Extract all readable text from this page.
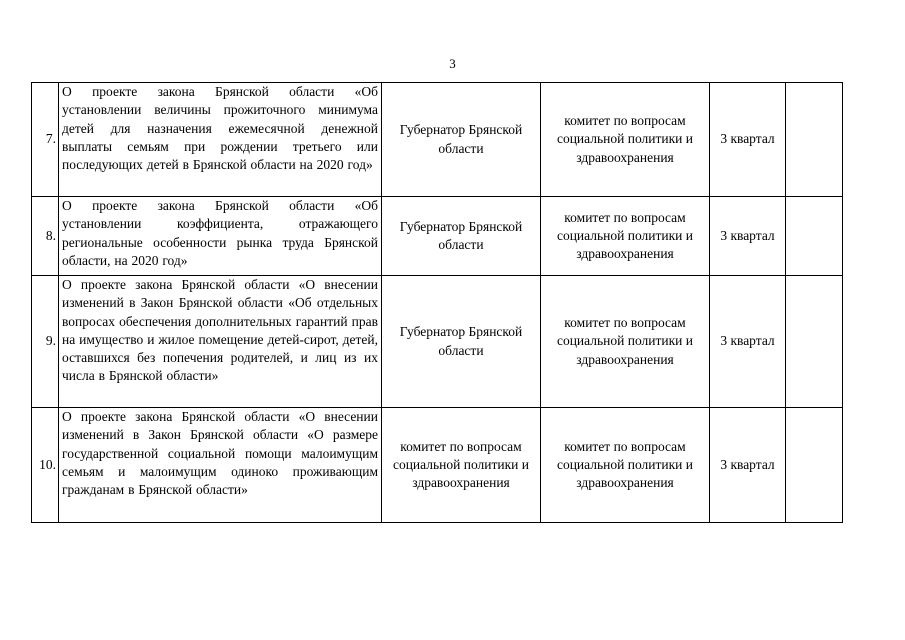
3
7.	О проекте закона Брянской области «Об установлении величины прожиточного минимума детей для назначения ежемесячной денежной выплаты семьям при рождении третьего или последующих детей в Брянской области на 2020 год»	Губернатор Брянской области	комитет по вопросам социальной политики и здравоохранения	3 квартал	
8.	О проекте закона Брянской области «Об установлении коэффициента, отражающего региональные особенности рынка труда Брянской области, на 2020 год»	Губернатор Брянской области	комитет по вопросам социальной политики и здравоохранения	3 квартал	
9.	О проекте закона Брянской области «О внесении изменений в Закон Брянской области «Об отдельных вопросах обеспечения дополнительных гарантий прав на имущество и жилое помещение детей-сирот, детей, оставшихся без попечения родителей, и лиц из их числа в Брянской области»	Губернатор Брянской области	комитет по вопросам социальной политики и здравоохранения	3 квартал	
10.	О проекте закона Брянской области «О внесении изменений в Закон Брянской области «О размере государственной социальной помощи малоимущим семьям и малоимущим одиноко проживающим гражданам в Брянской области»	комитет по вопросам социальной политики и здравоохранения	комитет по вопросам социальной политики и здравоохранения	3 квартал	
